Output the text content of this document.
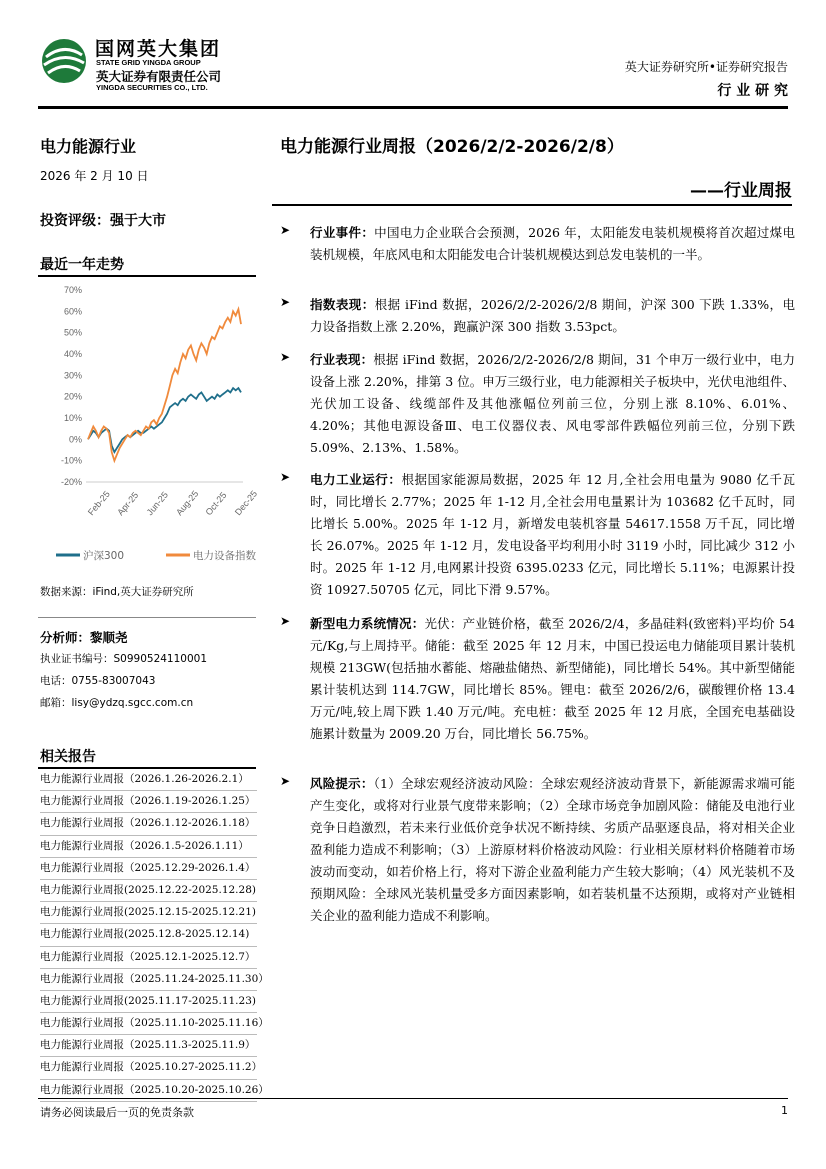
国网英大集团
STATE GRID YINGDA GROUP
英大证券有限责任公司
YINGDA SECURITIES CO., LTD.
英大证券研究所•证券研究报告
行 业 研 究
电力能源行业
2026 年 2 月 10 日
投资评级：强于大市
最近一年走势
70%
60%
50%
40%
30%
20%
10%
0%
-10%
-20%
Feb-25 Apr-25 Jun-25 Aug-25 Oct-25 Dec-25
沪深300	电力设备指数
数据来源：iFind,英大证券研究所
分析师：黎顺尧
执业证书编号：S0990524110001
电话：0755-83007043
邮箱：lisy@ydzq.sgcc.com.cn
相关报告
电力能源行业周报（2026.1.26-2026.2.1）
电力能源行业周报（2026.1.19-2026.1.25）
电力能源行业周报（2026.1.12-2026.1.18）
电力能源行业周报（2026.1.5-2026.1.11）
电力能源行业周报（2025.12.29-2026.1.4）
电力能源行业周报(2025.12.22-2025.12.28)
电力能源行业周报(2025.12.15-2025.12.21)
电力能源行业周报(2025.12.8-2025.12.14)
电力能源行业周报（2025.12.1-2025.12.7）
电力能源行业周报（2025.11.24-2025.11.30）
电力能源行业周报(2025.11.17-2025.11.23)
电力能源行业周报（2025.11.10-2025.11.16）
电力能源行业周报（2025.11.3-2025.11.9）
电力能源行业周报（2025.10.27-2025.11.2）
电力能源行业周报（2025.10.20-2025.10.26）
电力能源行业周报（2026/2/2-2026/2/8）
——行业周报
➤ 行业事件：中国电力企业联合会预测，2026 年，太阳能发电装机规模将首次超过煤电装机规模，年底风电和太阳能发电合计装机规模达到总发电装机的一半。
➤ 指数表现：根据 iFind 数据，2026/2/2-2026/2/8 期间，沪深 300 下跌 1.33%，电力设备指数上涨 2.20%，跑赢沪深 300 指数 3.53pct。
➤ 行业表现：根据 iFind 数据，2026/2/2-2026/2/8 期间，31 个申万一级行业中，电力设备上涨 2.20%，排第 3 位。申万三级行业，电力能源相关子板块中，光伏电池组件、光伏加工设备、线缆部件及其他涨幅位列前三位，分别上涨 8.10%、6.01%、4.20%；其他电源设备Ⅲ、电工仪器仪表、风电零部件跌幅位列前三位，分别下跌 5.09%、2.13%、1.58%。
➤ 电力工业运行：根据国家能源局数据，2025 年 12 月,全社会用电量为 9080 亿千瓦时，同比增长 2.77%；2025 年 1-12 月,全社会用电量累计为 103682 亿千瓦时，同比增长 5.00%。2025 年 1-12 月，新增发电装机容量 54617.1558 万千瓦，同比增长 26.07%。2025 年 1-12 月，发电设备平均利用小时 3119 小时，同比减少 312 小时。2025 年 1-12 月,电网累计投资 6395.0233 亿元，同比增长 5.11%；电源累计投资 10927.50705 亿元，同比下滑 9.57%。
➤ 新型电力系统情况：光伏：产业链价格，截至 2026/2/4，多晶硅料(致密料)平均价 54 元/Kg,与上周持平。储能：截至 2025 年 12 月末，中国已投运电力储能项目累计装机规模 213GW(包括抽水蓄能、熔融盐储热、新型储能)，同比增长 54%。其中新型储能累计装机达到 114.7GW，同比增长 85%。锂电：截至 2026/2/6，碳酸锂价格 13.4 万元/吨,较上周下跌 1.40 万元/吨。充电桩：截至 2025 年 12 月底，全国充电基础设施累计数量为 2009.20 万台，同比增长 56.75%。
➤ 风险提示：（1）全球宏观经济波动风险：全球宏观经济波动背景下，新能源需求端可能产生变化，或将对行业景气度带来影响；（2）全球市场竞争加剧风险：储能及电池行业竞争日趋激烈，若未来行业低价竞争状况不断持续、劣质产品驱逐良品，将对相关企业盈利能力造成不利影响；（3）上游原材料价格波动风险：行业相关原材料价格随着市场波动而变动，如若价格上行，将对下游企业盈利能力产生较大影响；（4）风光装机不及预期风险：全球风光装机量受多方面因素影响，如若装机量不达预期，或将对产业链相关企业的盈利能力造成不利影响。
请务必阅读最后一页的免责条款	1
